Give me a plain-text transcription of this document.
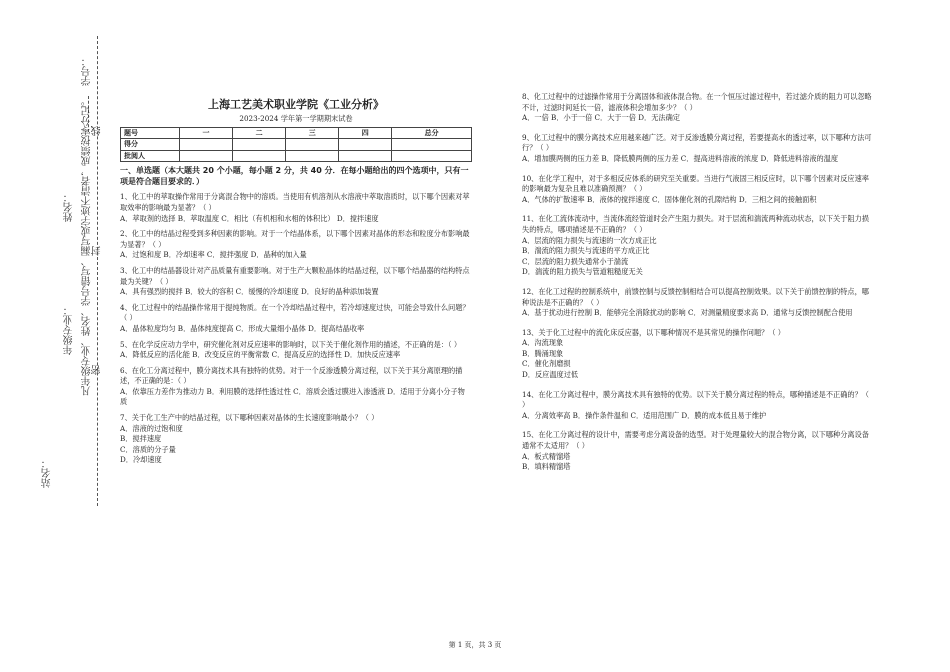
学号：
凡年级专业、姓名、学号错写、漏写或字迹不清者，成绩按零分记。 线
姓名：
封
年级专业：
密
站名：
上海工艺美术职业学院《工业分析》
2023-2024 学年第一学期期末试卷
题号	一	二	三	四	总分
得分					
批阅人					
一、单选题（本大题共 20 个小题，每小题 2 分，共 40 分．在每小题给出的四个选项中，只有一项是符合题目要求的．）
1、化工中的萃取操作常用于分离混合物中的溶质。当使用有机溶剂从水溶液中萃取溶质时，以下哪个因素对萃取效率的影响最为显著？（ ）
A．萃取剂的选择 B．萃取温度 C．相比（有机相和水相的体积比） D．搅拌速度
2、化工中的结晶过程受到多种因素的影响。对于一个结晶体系，以下哪个因素对晶体的形态和粒度分布影响最为显著？（ ）
A．过饱和度 B．冷却速率 C．搅拌强度 D．晶种的加入量
3、化工中的结晶器设计对产品质量有重要影响。对于生产大颗粒晶体的结晶过程，以下哪个结晶器的结构特点最为关键？（ ）
A．具有强烈的搅拌 B．较大的容积 C．缓慢的冷却速度 D．良好的晶种添加装置
4、化工过程中的结晶操作常用于提纯物质。在一个冷却结晶过程中，若冷却速度过快，可能会导致什么问题？（ ）
A．晶体粒度均匀 B．晶体纯度提高 C．形成大量细小晶体 D．提高结晶收率
5、在化学反应动力学中，研究催化剂对反应速率的影响时，以下关于催化剂作用的描述，不正确的是：（ ）
A．降低反应的活化能 B．改变反应的平衡常数 C．提高反应的选择性 D．加快反应速率
6、在化工分离过程中，膜分离技术具有独特的优势。对于一个反渗透膜分离过程，以下关于其分离原理的描述，不正确的是：（ ）
A．依靠压力差作为推动力 B．利用膜的选择性透过性 C．溶质会透过膜进入渗透液 D．适用于分离小分子物质
7、关于化工生产中的结晶过程，以下哪种因素对晶体的生长速度影响最小？（ ）
A．溶液的过饱和度
B．搅拌速度
C．溶质的分子量
D．冷却速度
8、化工过程中的过滤操作常用于分离固体和液体混合物。在一个恒压过滤过程中，若过滤介质的阻力可以忽略不计，过滤时间延长一倍，滤液体积会增加多少？（ ）
A．一倍 B．小于一倍 C．大于一倍 D．无法确定
9、化工过程中的膜分离技术应用越来越广泛。对于反渗透膜分离过程，若要提高水的透过率，以下哪种方法可行？（ ）
A．增加膜两侧的压力差 B．降低膜两侧的压力差 C．提高进料溶液的浓度 D．降低进料溶液的温度
10、在化学工程中，对于多相反应体系的研究至关重要。当进行气液固三相反应时，以下哪个因素对反应速率的影响最为复杂且难以准确预测？（ ）
A．气体的扩散速率 B．液体的搅拌速度 C．固体催化剂的孔隙结构 D．三相之间的接触面积
11、在化工流体流动中，当流体流经管道时会产生阻力损失。对于层流和湍流两种流动状态，以下关于阻力损失的特点，哪项描述是不正确的？（ ）
A．层流的阻力损失与流速的一次方成正比
B．湍流的阻力损失与流速的平方成正比
C．层流的阻力损失通常小于湍流
D．湍流的阻力损失与管道粗糙度无关
12、在化工过程的控制系统中，前馈控制与反馈控制相结合可以提高控制效果。以下关于前馈控制的特点，哪种说法是不正确的？（ ）
A．基于扰动进行控制 B．能够完全消除扰动的影响 C．对测量精度要求高 D．通常与反馈控制配合使用
13、关于化工过程中的流化床反应器，以下哪种情况不是其常见的操作问题？（ ）
A．沟流现象
B．腾涌现象
C．催化剂磨损
D．反应温度过低
14、在化工分离过程中，膜分离技术具有独特的优势。以下关于膜分离过程的特点，哪种描述是不正确的？（ ）
A．分离效率高 B．操作条件温和 C．适用范围广 D．膜的成本低且易于维护
15、在化工分离过程的设计中，需要考虑分离设备的选型。对于处理量较大的混合物分离，以下哪种分离设备通常不太适用？（ ）
A．板式精馏塔
B．填料精馏塔
第 1 页，共 3 页
